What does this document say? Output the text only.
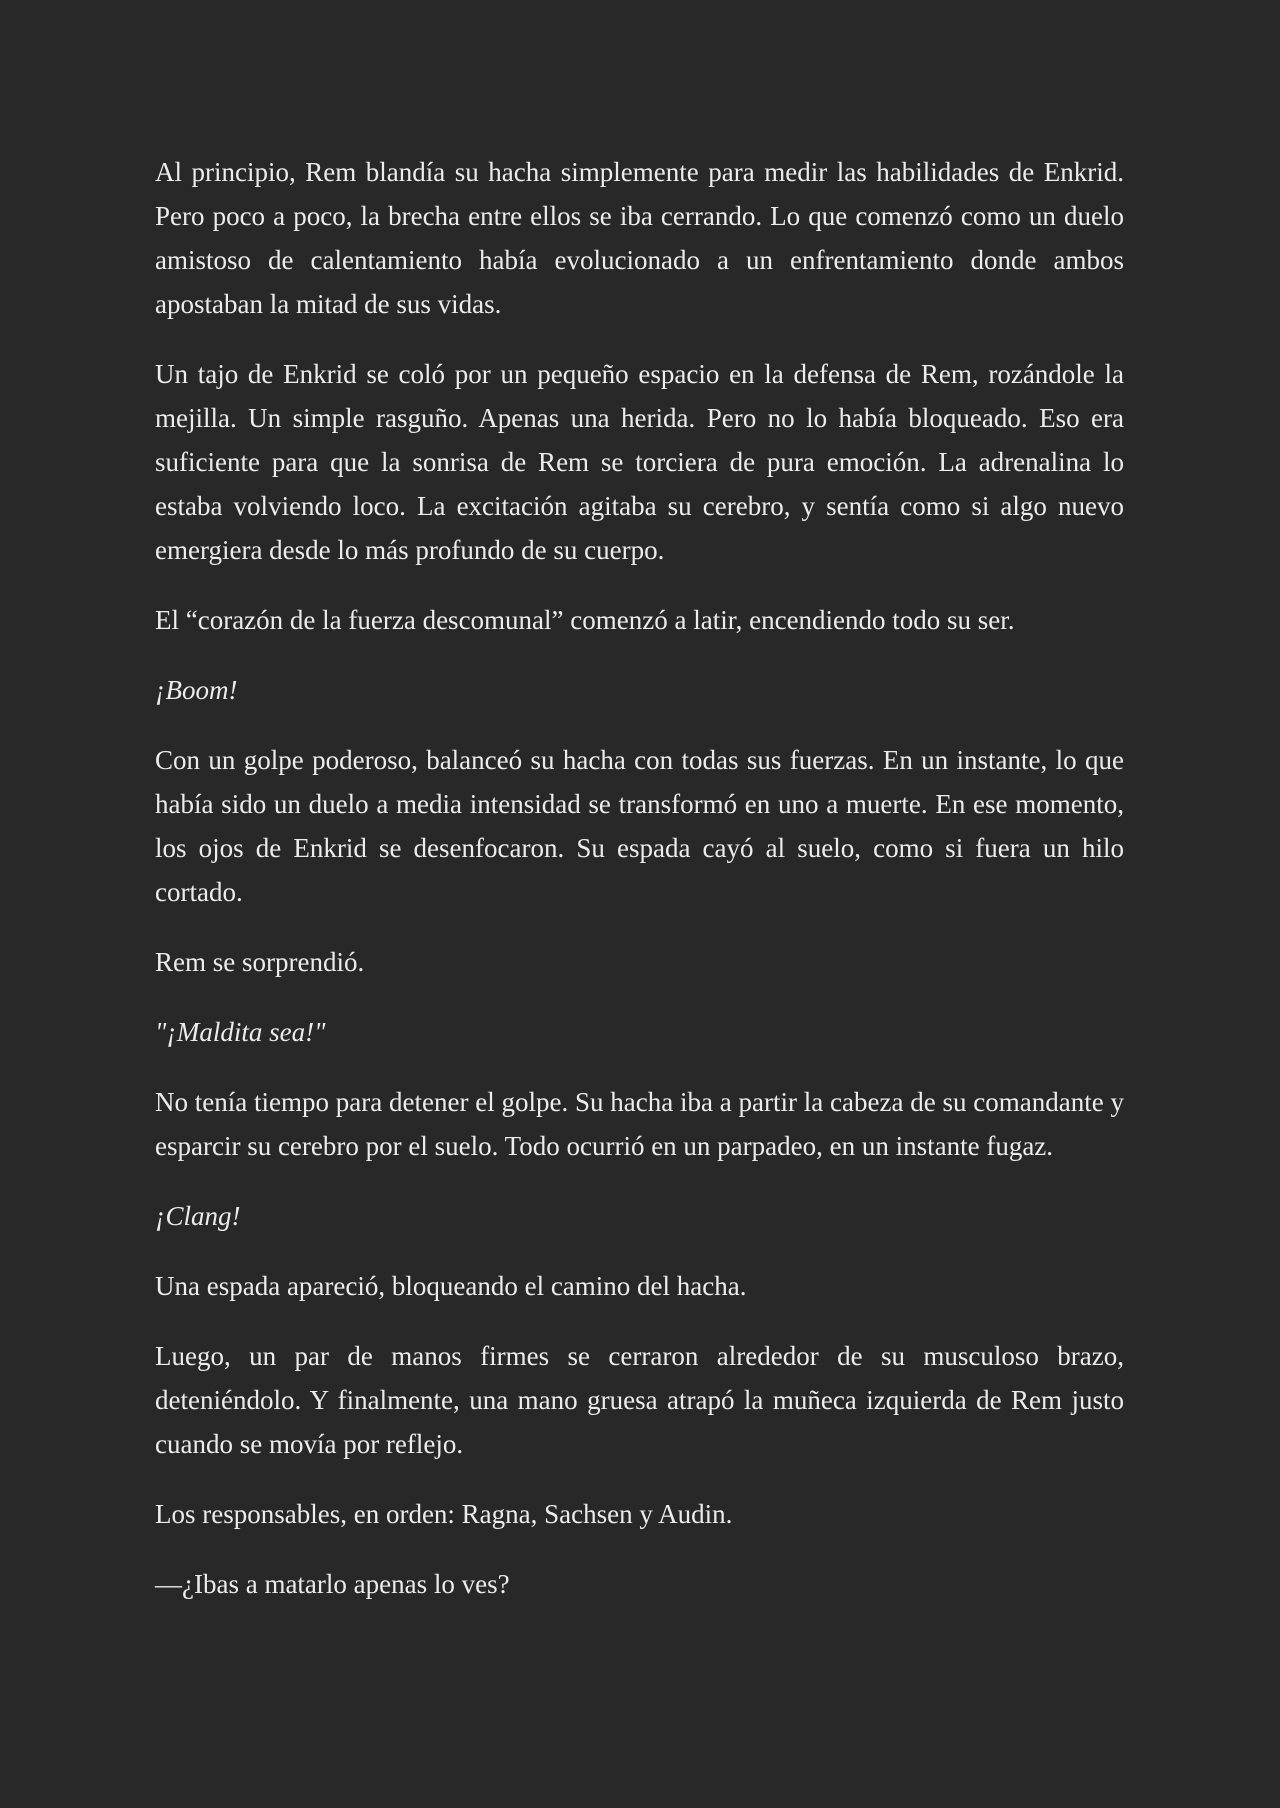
Al principio, Rem blandía su hacha simplemente para medir las habilidades de Enkrid. Pero poco a poco, la brecha entre ellos se iba cerrando. Lo que comenzó como un duelo amistoso de calentamiento había evolucionado a un enfrentamiento donde ambos apostaban la mitad de sus vidas.

Un tajo de Enkrid se coló por un pequeño espacio en la defensa de Rem, rozándole la mejilla. Un simple rasguño. Apenas una herida. Pero no lo había bloqueado. Eso era suficiente para que la sonrisa de Rem se torciera de pura emoción. La adrenalina lo estaba volviendo loco. La excitación agitaba su cerebro, y sentía como si algo nuevo emergiera desde lo más profundo de su cuerpo.

El “corazón de la fuerza descomunal” comenzó a latir, encendiendo todo su ser.

¡Boom!

Con un golpe poderoso, balanceó su hacha con todas sus fuerzas. En un instante, lo que había sido un duelo a media intensidad se transformó en uno a muerte. En ese momento, los ojos de Enkrid se desenfocaron. Su espada cayó al suelo, como si fuera un hilo cortado.

Rem se sorprendió.

"¡Maldita sea!"

No tenía tiempo para detener el golpe. Su hacha iba a partir la cabeza de su comandante y esparcir su cerebro por el suelo. Todo ocurrió en un parpadeo, en un instante fugaz.

¡Clang!

Una espada apareció, bloqueando el camino del hacha.

Luego, un par de manos firmes se cerraron alrededor de su musculoso brazo, deteniéndolo. Y finalmente, una mano gruesa atrapó la muñeca izquierda de Rem justo cuando se movía por reflejo.

Los responsables, en orden: Ragna, Sachsen y Audin.

—¿Ibas a matarlo apenas lo ves?
